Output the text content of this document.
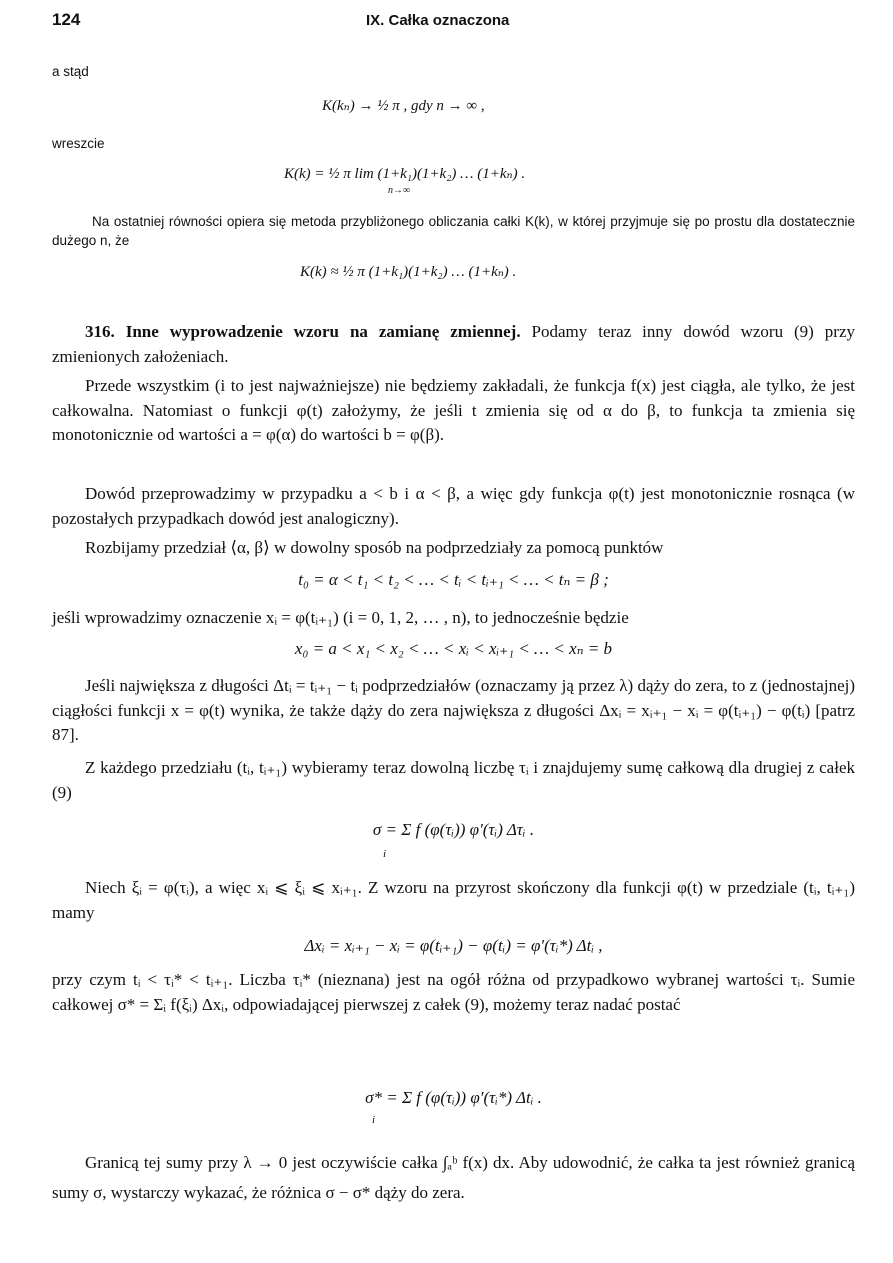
124	IX. Całka oznaczona
a stąd
K(kₙ) → ½ π , gdy n → ∞ ,
wreszcie
K(k) = ½ π lim (1+k₁)(1+k₂) … (1+kₙ) .
n→∞
Na ostatniej równości opiera się metoda przybliżonego obliczania całki K(k), w której przyjmuje się po prostu dla dostatecznie dużego n, że
K(k) ≈ ½ π (1+k₁)(1+k₂) … (1+kₙ) .
316. Inne wyprowadzenie wzoru na zamianę zmiennej. Podamy teraz inny dowód wzoru (9) przy zmienionych założeniach.
Przede wszystkim (i to jest najważniejsze) nie będziemy zakładali, że funkcja f(x) jest ciągła, ale tylko, że jest całkowalna. Natomiast o funkcji φ(t) założymy, że jeśli t zmienia się od α do β, to funkcja ta zmienia się monotonicznie od wartości a = φ(α) do wartości b = φ(β).
Dowód przeprowadzimy w przypadku a < b i α < β, a więc gdy funkcja φ(t) jest monotonicznie rosnąca (w pozostałych przypadkach dowód jest analogiczny).
Rozbijamy przedział ⟨α, β⟩ w dowolny sposób na podprzedziały za pomocą punktów
t₀ = α < t₁ < t₂ < … < tᵢ < tᵢ₊₁ < … < tₙ = β ;
jeśli wprowadzimy oznaczenie xᵢ = φ(tᵢ₊₁) (i = 0, 1, 2, … , n), to jednocześnie będzie
x₀ = a < x₁ < x₂ < … < xᵢ < xᵢ₊₁ < … < xₙ = b
Jeśli największa z długości Δtᵢ = tᵢ₊₁ − tᵢ podprzedziałów (oznaczamy ją przez λ) dąży do zera, to z (jednostajnej) ciągłości funkcji x = φ(t) wynika, że także dąży do zera największa z długości Δxᵢ = xᵢ₊₁ − xᵢ = φ(tᵢ₊₁) − φ(tᵢ) [patrz 87].
Z każdego przedziału (tᵢ, tᵢ₊₁) wybieramy teraz dowolną liczbę τᵢ i znajdujemy sumę całkową dla drugiej z całek (9)
σ = Σ f (φ(τᵢ)) φ′(τᵢ) Δτᵢ .
i
Niech ξᵢ = φ(τᵢ), a więc xᵢ ⩽ ξᵢ ⩽ xᵢ₊₁. Z wzoru na przyrost skończony dla funkcji φ(t) w przedziale (tᵢ, tᵢ₊₁) mamy
Δxᵢ = xᵢ₊₁ − xᵢ = φ(tᵢ₊₁) − φ(tᵢ) = φ′(τᵢ*) Δtᵢ ,
przy czym tᵢ < τᵢ* < tᵢ₊₁. Liczba τᵢ* (nieznana) jest na ogół różna od przypadkowo wybranej wartości τᵢ. Sumie całkowej σ* = Σᵢ f(ξᵢ) Δxᵢ, odpowiadającej pierwszej z całek (9), możemy teraz nadać postać
σ* = Σ f (φ(τᵢ)) φ′(τᵢ*) Δtᵢ .
i
Granicą tej sumy przy λ → 0 jest oczywiście całka ∫ₐᵇ f(x) dx. Aby udowodnić, że całka ta jest również granicą sumy σ, wystarczy wykazać, że różnica σ − σ* dąży do zera.
